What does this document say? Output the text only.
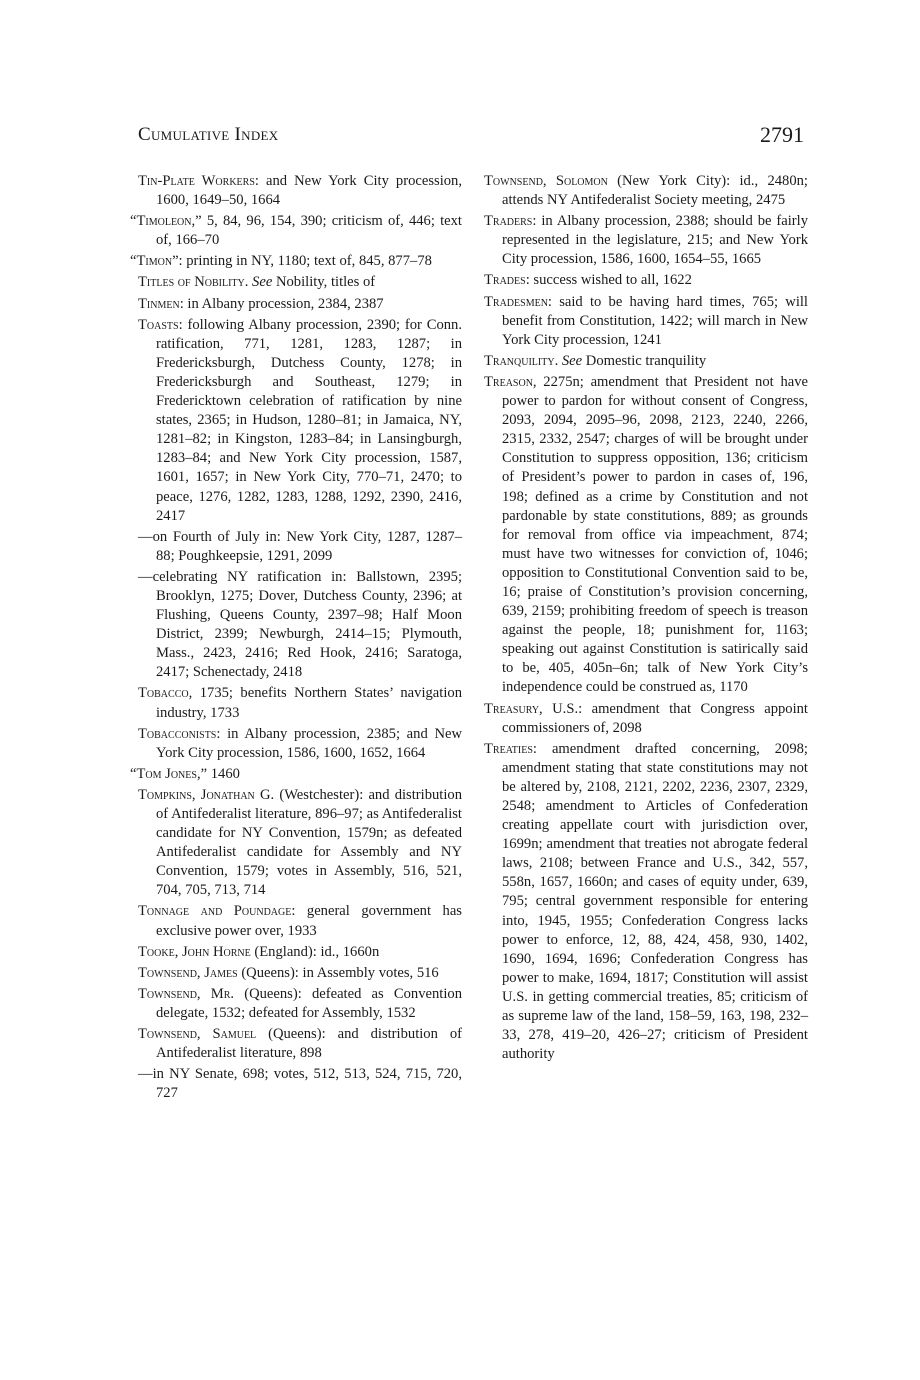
Cumulative Index	2791

Tin-Plate Workers: and New York City procession, 1600, 1649–50, 1664

“Timoleon,” 5, 84, 96, 154, 390; criticism of, 446; text of, 166–70

“Timon”: printing in NY, 1180; text of, 845, 877–78

Titles of Nobility. See Nobility, titles of

Tinmen: in Albany procession, 2384, 2387

Toasts: following Albany procession, 2390; for Conn. ratification, 771, 1281, 1283, 1287; in Fredericksburgh, Dutchess County, 1278; in Fredericksburgh and Southeast, 1279; in Fredericktown celebration of ratification by nine states, 2365; in Hudson, 1280–81; in Jamaica, NY, 1281–82; in Kingston, 1283–84; in Lansingburgh, 1283–84; and New York City procession, 1587, 1601, 1657; in New York City, 770–71, 2470; to peace, 1276, 1282, 1283, 1288, 1292, 2390, 2416, 2417

—on Fourth of July in: New York City, 1287, 1287–88; Poughkeepsie, 1291, 2099

—celebrating NY ratification in: Ballstown, 2395; Brooklyn, 1275; Dover, Dutchess County, 2396; at Flushing, Queens County, 2397–98; Half Moon District, 2399; Newburgh, 2414–15; Plymouth, Mass., 2423, 2416; Red Hook, 2416; Saratoga, 2417; Schenectady, 2418

Tobacco, 1735; benefits Northern States’ navigation industry, 1733

Tobacconists: in Albany procession, 2385; and New York City procession, 1586, 1600, 1652, 1664

“Tom Jones,” 1460

Tompkins, Jonathan G. (Westchester): and distribution of Antifederalist literature, 896–97; as Antifederalist candidate for NY Convention, 1579n; as defeated Antifederalist candidate for Assembly and NY Convention, 1579; votes in Assembly, 516, 521, 704, 705, 713, 714

Tonnage and Poundage: general government has exclusive power over, 1933

Tooke, John Horne (England): id., 1660n

Townsend, James (Queens): in Assembly votes, 516

Townsend, Mr. (Queens): defeated as Convention delegate, 1532; defeated for Assembly, 1532

Townsend, Samuel (Queens): and distribution of Antifederalist literature, 898

—in NY Senate, 698; votes, 512, 513, 524, 715, 720, 727

Townsend, Solomon (New York City): id., 2480n; attends NY Antifederalist Society meeting, 2475

Traders: in Albany procession, 2388; should be fairly represented in the legislature, 215; and New York City procession, 1586, 1600, 1654–55, 1665

Trades: success wished to all, 1622

Tradesmen: said to be having hard times, 765; will benefit from Constitution, 1422; will march in New York City procession, 1241

Tranquility. See Domestic tranquility

Treason, 2275n; amendment that President not have power to pardon for without consent of Congress, 2093, 2094, 2095–96, 2098, 2123, 2240, 2266, 2315, 2332, 2547; charges of will be brought under Constitution to suppress opposition, 136; criticism of President’s power to pardon in cases of, 196, 198; defined as a crime by Constitution and not pardonable by state constitutions, 889; as grounds for removal from office via impeachment, 874; must have two witnesses for conviction of, 1046; opposition to Constitutional Convention said to be, 16; praise of Constitution’s provision concerning, 639, 2159; prohibiting freedom of speech is treason against the people, 18; punishment for, 1163; speaking out against Constitution is satirically said to be, 405, 405n–6n; talk of New York City’s independence could be construed as, 1170

Treasury, U.S.: amendment that Congress appoint commissioners of, 2098

Treaties: amendment drafted concerning, 2098; amendment stating that state constitutions may not be altered by, 2108, 2121, 2202, 2236, 2307, 2329, 2548; amendment to Articles of Confederation creating appellate court with jurisdiction over, 1699n; amendment that treaties not abrogate federal laws, 2108; between France and U.S., 342, 557, 558n, 1657, 1660n; and cases of equity under, 639, 795; central government responsible for entering into, 1945, 1955; Confederation Congress lacks power to enforce, 12, 88, 424, 458, 930, 1402, 1690, 1694, 1696; Confederation Congress has power to make, 1694, 1817; Constitution will assist U.S. in getting commercial treaties, 85; criticism of as supreme law of the land, 158–59, 163, 198, 232–33, 278, 419–20, 426–27; criticism of President authority
